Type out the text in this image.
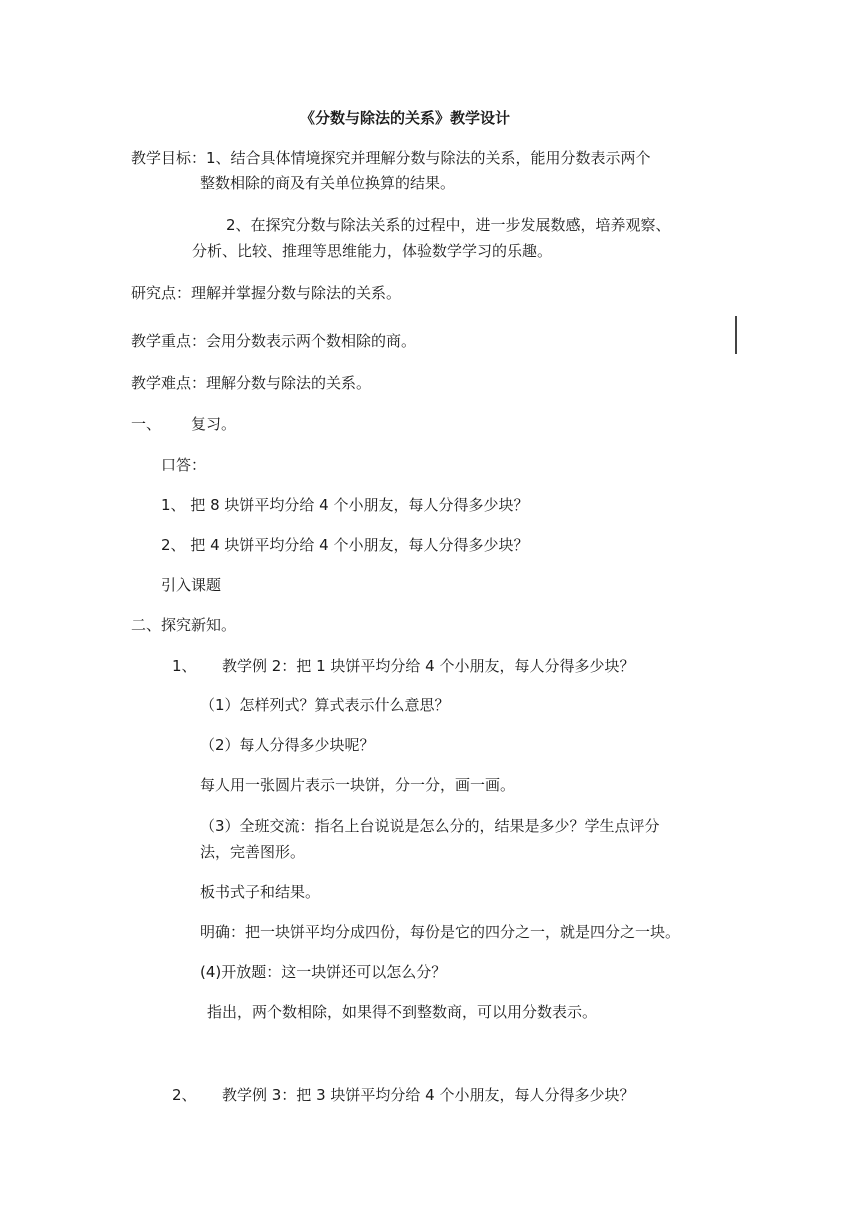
《分数与除法的关系》教学设计
教学目标：1、结合具体情境探究并理解分数与除法的关系，能用分数表示两个
整数相除的商及有关单位换算的结果。
2、在探究分数与除法关系的过程中，进一步发展数感，培养观察、
分析、比较、推理等思维能力，体验数学学习的乐趣。
研究点：理解并掌握分数与除法的关系。
教学重点：会用分数表示两个数相除的商。
教学难点：理解分数与除法的关系。
一、 复习。
口答：
1、 把 8 块饼平均分给 4 个小朋友，每人分得多少块？
2、 把 4 块饼平均分给 4 个小朋友，每人分得多少块？
引入课题
二、探究新知。
1、 教学例 2：把 1 块饼平均分给 4 个小朋友，每人分得多少块？
（1）怎样列式？算式表示什么意思？
（2）每人分得多少块呢？
每人用一张圆片表示一块饼，分一分，画一画。
（3）全班交流：指名上台说说是怎么分的，结果是多少？学生点评分
法，完善图形。
板书式子和结果。
明确：把一块饼平均分成四份，每份是它的四分之一，就是四分之一块。
(4)开放题：这一块饼还可以怎么分？
指出，两个数相除，如果得不到整数商，可以用分数表示。
2、 教学例 3：把 3 块饼平均分给 4 个小朋友，每人分得多少块？
